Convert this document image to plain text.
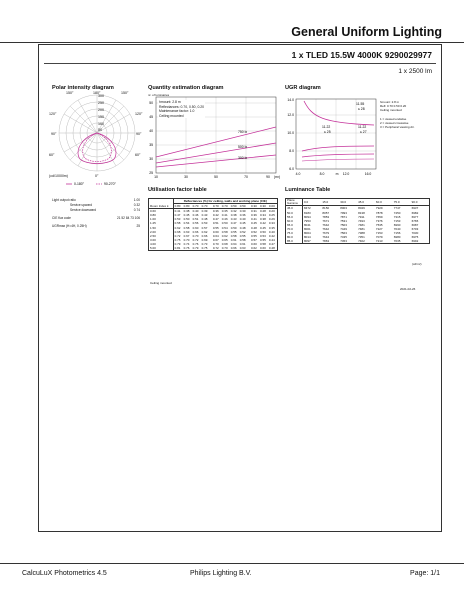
General Uniform Lighting
1 x TLED 15.5W 4000K 9290029977
1 x 2500 lm
Polar intensity diagram
150°	180°	150°
120°
90°
60°
120°
90°
60°
300
250
200
150
100
50
0°
(cd/1000lm)
0-180°	90-270°
Quantity estimation diagram
nr. of luminaires
750 lx
500 lx
300 lx
50
45
40
35
30
25
10	30	50	70	90 (m²)
hmount: 2.8 m
Reflectances: 0.70, 0.50, 0.20
Maintenance factor: 1.0
Ceiling mounted
UGR diagram
14.0
12.0
10.0
8.0
6.0
4.0	8.0	12.0	16.0
m
11.55
≤ 28
11.22
≤ 25
11.22
≤ 27
hmount: 2.8 m
Refl: 0.70 0.50 0.20
Ceiling mounted
1 = viewed endwise
2 = viewed crosswise
3 = Peripheral viewing dir.
Light output ratio	1.00
Service upward	0.32
Service downward	0.74
CIE flux code	21 52 84 73 106
UGRmax (H=4H, 0.25H)	25
Utilisation factor table
	Reflectances (%) for ceiling, walls and working plane (CIE)										
Room Index k	0.80	0.80	0.70	0.70	0.70	0.70	0.50	0.50	0.30	0.30	0.00
0.60	0.41	0.38	0.40	0.39	0.36	0.35	0.32	0.30	0.31	0.28	0.20
0.80	0.47	0.45	0.46	0.43	0.42	0.41	0.38	0.36	0.36	0.34	0.25
1.00	0.53	0.50	0.51	0.48	0.47	0.46	0.43	0.40	0.41	0.38	0.29
1.25	0.58	0.54	0.56	0.53	0.51	0.50	0.47	0.45	0.45	0.42	0.33
1.50	0.62	0.58	0.60	0.57	0.55	0.54	0.50	0.48	0.48	0.45	0.35
2.00	0.68	0.63	0.66	0.62	0.60	0.58	0.55	0.52	0.52	0.50	0.40
2.50	0.72	0.67	0.70	0.66	0.64	0.62	0.58	0.55	0.55	0.53	0.42
3.00	0.75	0.70	0.72	0.69	0.67	0.65	0.61	0.58	0.57	0.55	0.44
4.00	0.79	0.74	0.76	0.73	0.70	0.68	0.64	0.61	0.60	0.58	0.47
5.00	0.81	0.76	0.79	0.75	0.72	0.70	0.66	0.63	0.62	0.60	0.48
Ceiling mounted
Luminance Table
Plane Gamma	0.0	15.0	30.0	45.0	60.0	75.0	90.0
45.0	8472	8150	8003	8049	7929	7747	6937
50.0	8183	8057	7993	8138	7878	7450	6982
55.0	8094	7853	7871	7911	7659	7315	6977
60.0	7953	7671	7531	7493	7376	7153	6765
65.0	8041	7642	7503	7481	7535	6990	6687
70.0	8001	7642	7449	7481	7227	7040	6703
75.0	8004	7679	7563	7388	7153	7156	7030
80.0	8014	7644	7435	7351	7079	6980	6975
85.0	8097	7863	7453	7402	7213	7035	6992
(cd/m²)
2021-02-26
CalcuLuX Photometrics 4.5	Philips Lighting B.V.	Page: 1/1
